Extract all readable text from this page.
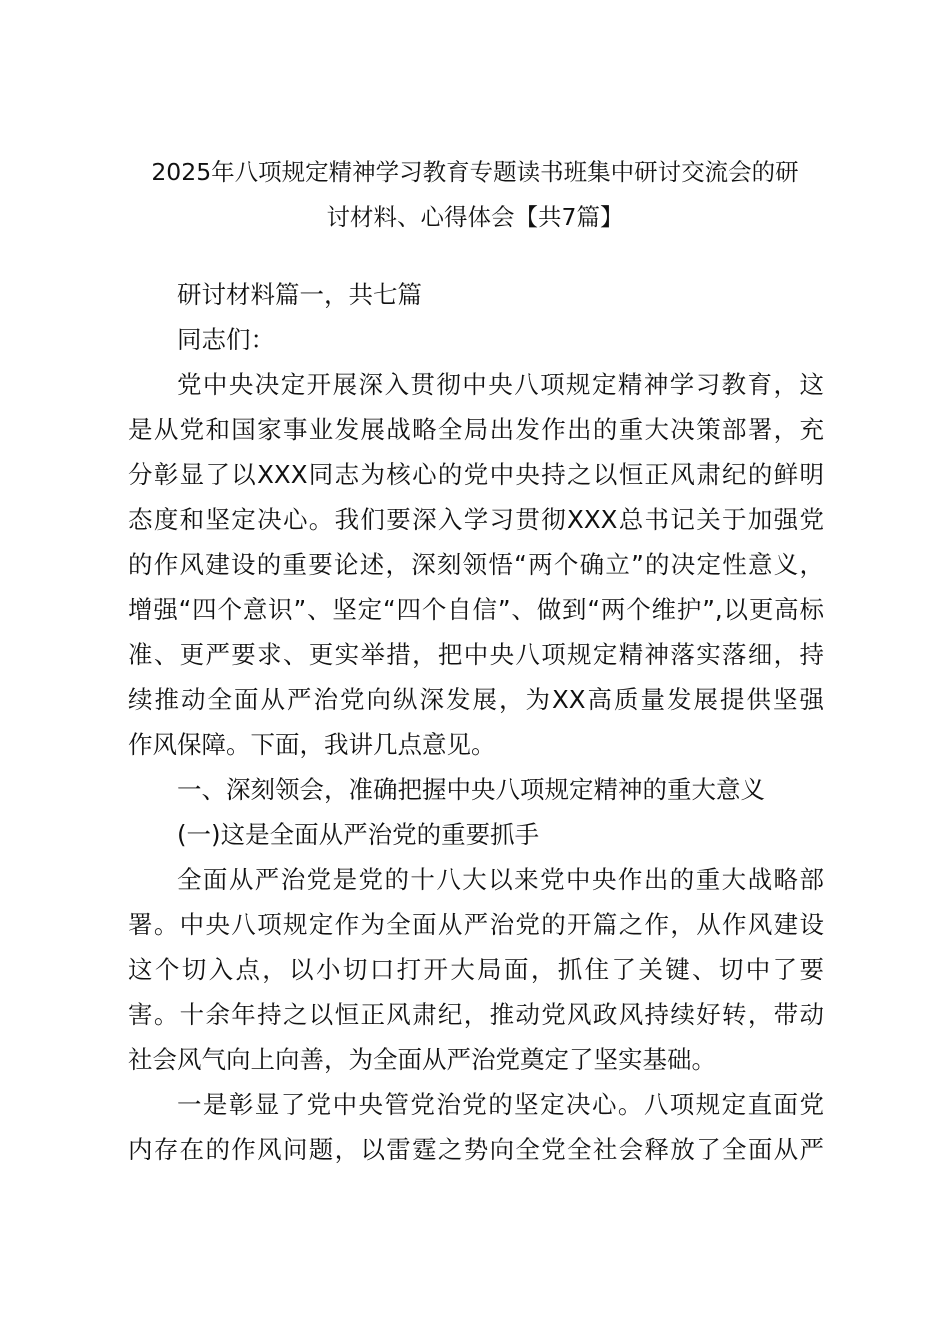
2025年八项规定精神学习教育专题读书班集中研讨交流会的研
讨材料、心得体会【共7篇】
研讨材料篇一，共七篇
同志们：
党中央决定开展深入贯彻中央八项规定精神学习教育，这
是从党和国家事业发展战略全局出发作出的重大决策部署，充
分彰显了以XXX同志为核心的党中央持之以恒正风肃纪的鲜明
态度和坚定决心。我们要深入学习贯彻XXX总书记关于加强党
的作风建设的重要论述，深刻领悟“两个确立”的决定性意义，
增强“四个意识”、坚定“四个自信”、做到“两个维护”,以更高标
准、更严要求、更实举措，把中央八项规定精神落实落细，持
续推动全面从严治党向纵深发展，为XX高质量发展提供坚强
作风保障。下面，我讲几点意见。
一、深刻领会，准确把握中央八项规定精神的重大意义
(一)这是全面从严治党的重要抓手
全面从严治党是党的十八大以来党中央作出的重大战略部
署。中央八项规定作为全面从严治党的开篇之作，从作风建设
这个切入点，以小切口打开大局面，抓住了关键、切中了要
害。十余年持之以恒正风肃纪，推动党风政风持续好转，带动
社会风气向上向善，为全面从严治党奠定了坚实基础。
一是彰显了党中央管党治党的坚定决心。八项规定直面党
内存在的作风问题，以雷霆之势向全党全社会释放了全面从严
